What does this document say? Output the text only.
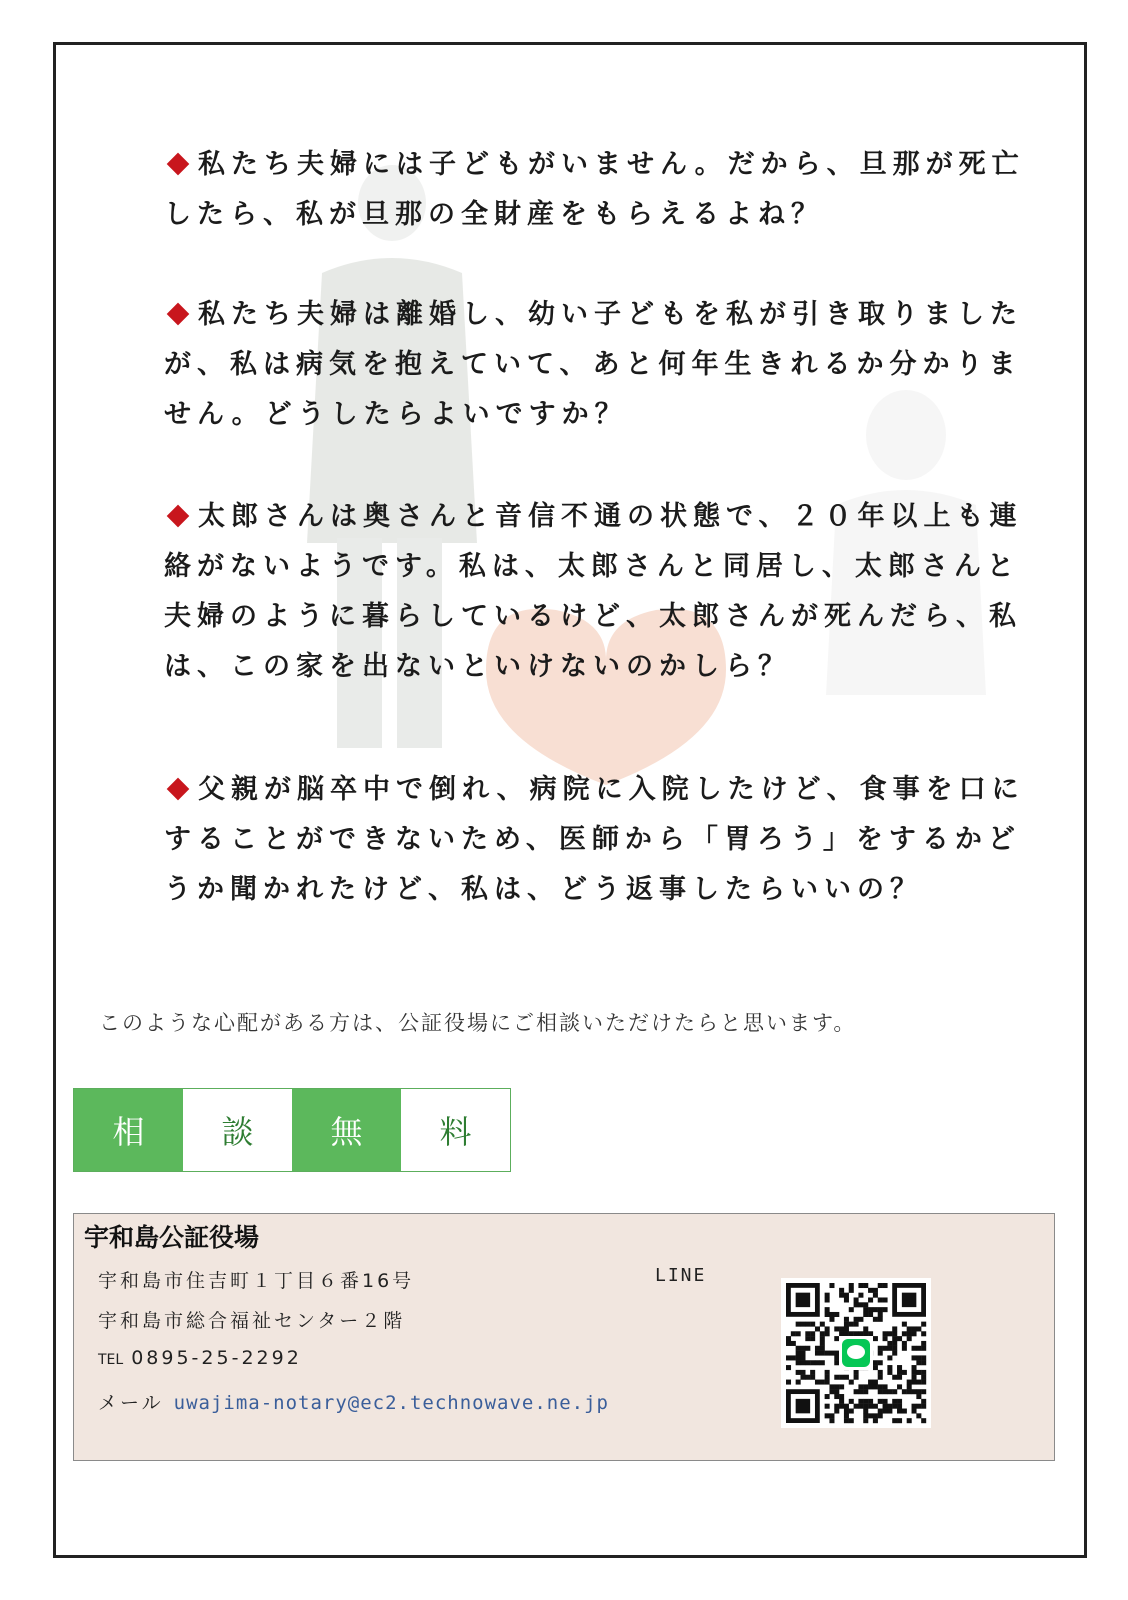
私たち夫婦には子どもがいません。だから、旦那が死亡したら、私が旦那の全財産をもらえるよね？

私たち夫婦は離婚し、幼い子どもを私が引き取りましたが、私は病気を抱えていて、あと何年生きれるか分かりません。どうしたらよいですか？

太郎さんは奥さんと音信不通の状態で、２０年以上も連絡がないようです。私は、太郎さんと同居し、太郎さんと夫婦のように暮らしているけど、太郎さんが死んだら、私は、この家を出ないといけないのかしら？

父親が脳卒中で倒れ、病院に入院したけど、食事を口にすることができないため、医師から「胃ろう」をするかどうか聞かれたけど、私は、どう返事したらいいの？

このような心配がある方は、公証役場にご相談いただけたらと思います。

相	談	無	料

宇和島公証役場

宇和島市住吉町１丁目６番16号

宇和島市総合福祉センター２階

TEL 0895-25-2292

メール uwajima-notary@ec2.technowave.ne.jp

LINE
